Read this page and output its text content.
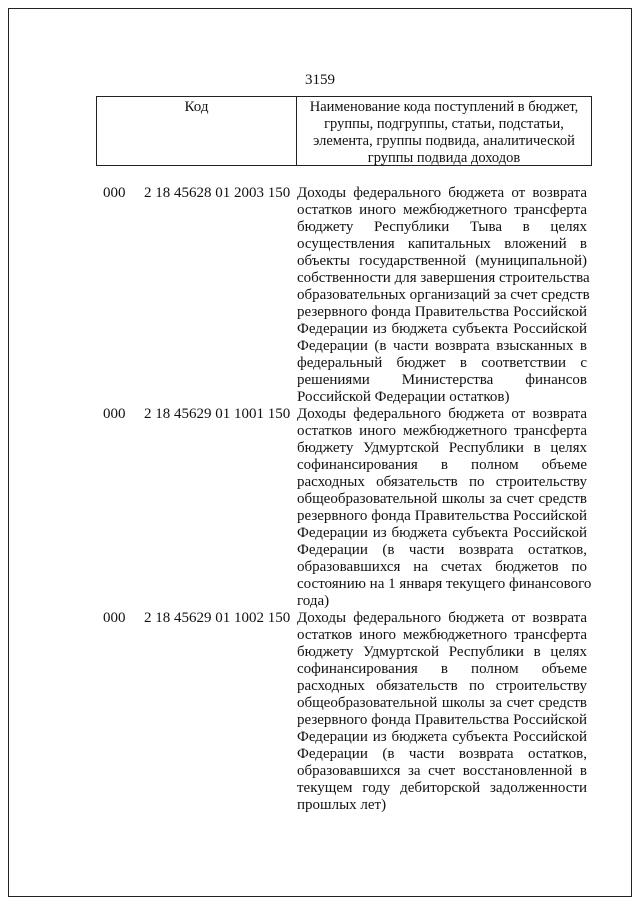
3159
Код	Наименование кода поступлений в бюджет,
группы, подгруппы, статьи, подстатьи,
элемента, группы подвида, аналитической
группы подвида доходов
000 2 18 45628 01 2003 150 Доходы федерального бюджета от возврата
остатков иного межбюджетного трансферта
бюджету Республики Тыва в целях
осуществления капитальных вложений в
объекты государственной (муниципальной)
собственности для завершения строительства
образовательных организаций за счет средств
резервного фонда Правительства Российской
Федерации из бюджета субъекта Российской
Федерации (в части возврата взысканных в
федеральный бюджет в соответствии с
решениями Министерства финансов
Российской Федерации остатков)
000 2 18 45629 01 1001 150 Доходы федерального бюджета от возврата
остатков иного межбюджетного трансферта
бюджету Удмуртской Республики в целях
софинансирования в полном объеме
расходных обязательств по строительству
общеобразовательной школы за счет средств
резервного фонда Правительства Российской
Федерации из бюджета субъекта Российской
Федерации (в части возврата остатков,
образовавшихся на счетах бюджетов по
состоянию на 1 января текущего финансового
года)
000 2 18 45629 01 1002 150 Доходы федерального бюджета от возврата
остатков иного межбюджетного трансферта
бюджету Удмуртской Республики в целях
софинансирования в полном объеме
расходных обязательств по строительству
общеобразовательной школы за счет средств
резервного фонда Правительства Российской
Федерации из бюджета субъекта Российской
Федерации (в части возврата остатков,
образовавшихся за счет восстановленной в
текущем году дебиторской задолженности
прошлых лет)
